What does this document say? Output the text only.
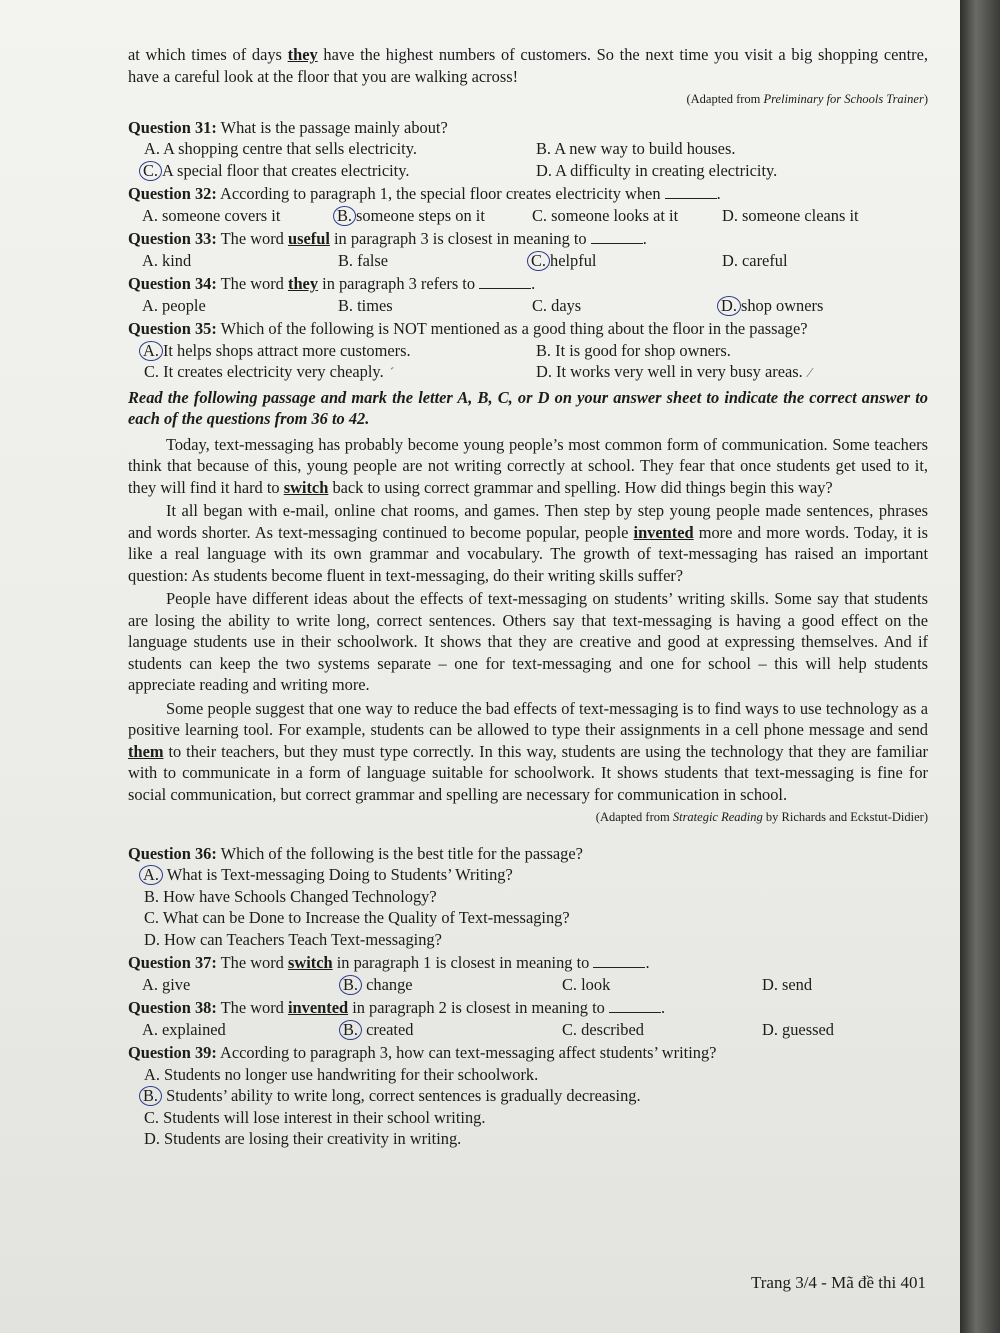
at which times of days they have the highest numbers of customers. So the next time you visit a big shopping centre, have a careful look at the floor that you are walking across!

(Adapted from Preliminary for Schools Trainer)

Question 31: What is the passage mainly about?

A. A shopping centre that sells electricity.	B. A new way to build houses.
C. A special floor that creates electricity.	D. A difficulty in creating electricity.

Question 32: According to paragraph 1, the special floor creates electricity when	.

A. someone covers it	B. someone steps on it	C. someone looks at it	D. someone cleans it

Question 33: The word useful in paragraph 3 is closest in meaning to	.

A. kind	B. false	C. helpful	D. careful

Question 34: The word they in paragraph 3 refers to	.

A. people	B. times	C. days	D. shop owners

Question 35: Which of the following is NOT mentioned as a good thing about the floor in the passage?

A. It helps shops attract more customers.	B. It is good for shop owners.
C. It creates electricity very cheaply. ´	D. It works very well in very busy areas. ⁄

Read the following passage and mark the letter A, B, C, or D on your answer sheet to indicate the correct answer to each of the questions from 36 to 42.

Today, text-messaging has probably become young people’s most common form of communication. Some teachers think that because of this, young people are not writing correctly at school. They fear that once students get used to it, they will find it hard to switch back to using correct grammar and spelling. How did things begin this way?

It all began with e-mail, online chat rooms, and games. Then step by step young people made sentences, phrases and words shorter. As text-messaging continued to become popular, people invented more and more words. Today, it is like a real language with its own grammar and vocabulary. The growth of text-messaging has raised an important question: As students become fluent in text-messaging, do their writing skills suffer?

People have different ideas about the effects of text-messaging on students’ writing skills. Some say that students are losing the ability to write long, correct sentences. Others say that text-messaging is having a good effect on the language students use in their schoolwork. It shows that they are creative and good at expressing themselves. And if students can keep the two systems separate – one for text-messaging and one for school – this will help students appreciate reading and writing more.

Some people suggest that one way to reduce the bad effects of text-messaging is to find ways to use technology as a positive learning tool. For example, students can be allowed to type their assignments in a cell phone message and send them to their teachers, but they must type correctly. In this way, students are using the technology that they are familiar with to communicate in a form of language suitable for schoolwork. It shows students that text-messaging is fine for social communication, but correct grammar and spelling are necessary for communication in school.

(Adapted from Strategic Reading by Richards and Eckstut-Didier)

Question 36: Which of the following is the best title for the passage?

A. What is Text-messaging Doing to Students’ Writing?

B. How have Schools Changed Technology?

C. What can be Done to Increase the Quality of Text-messaging?

D. How can Teachers Teach Text-messaging?

Question 37: The word switch in paragraph 1 is closest in meaning to	.

A. give	B. change	C. look	D. send

Question 38: The word invented in paragraph 2 is closest in meaning to	.

A. explained	B. created	C. described	D. guessed

Question 39: According to paragraph 3, how can text-messaging affect students’ writing?

A. Students no longer use handwriting for their schoolwork.

B. Students’ ability to write long, correct sentences is gradually decreasing.

C. Students will lose interest in their school writing.

D. Students are losing their creativity in writing.

Trang 3/4 - Mã đề thi 401
